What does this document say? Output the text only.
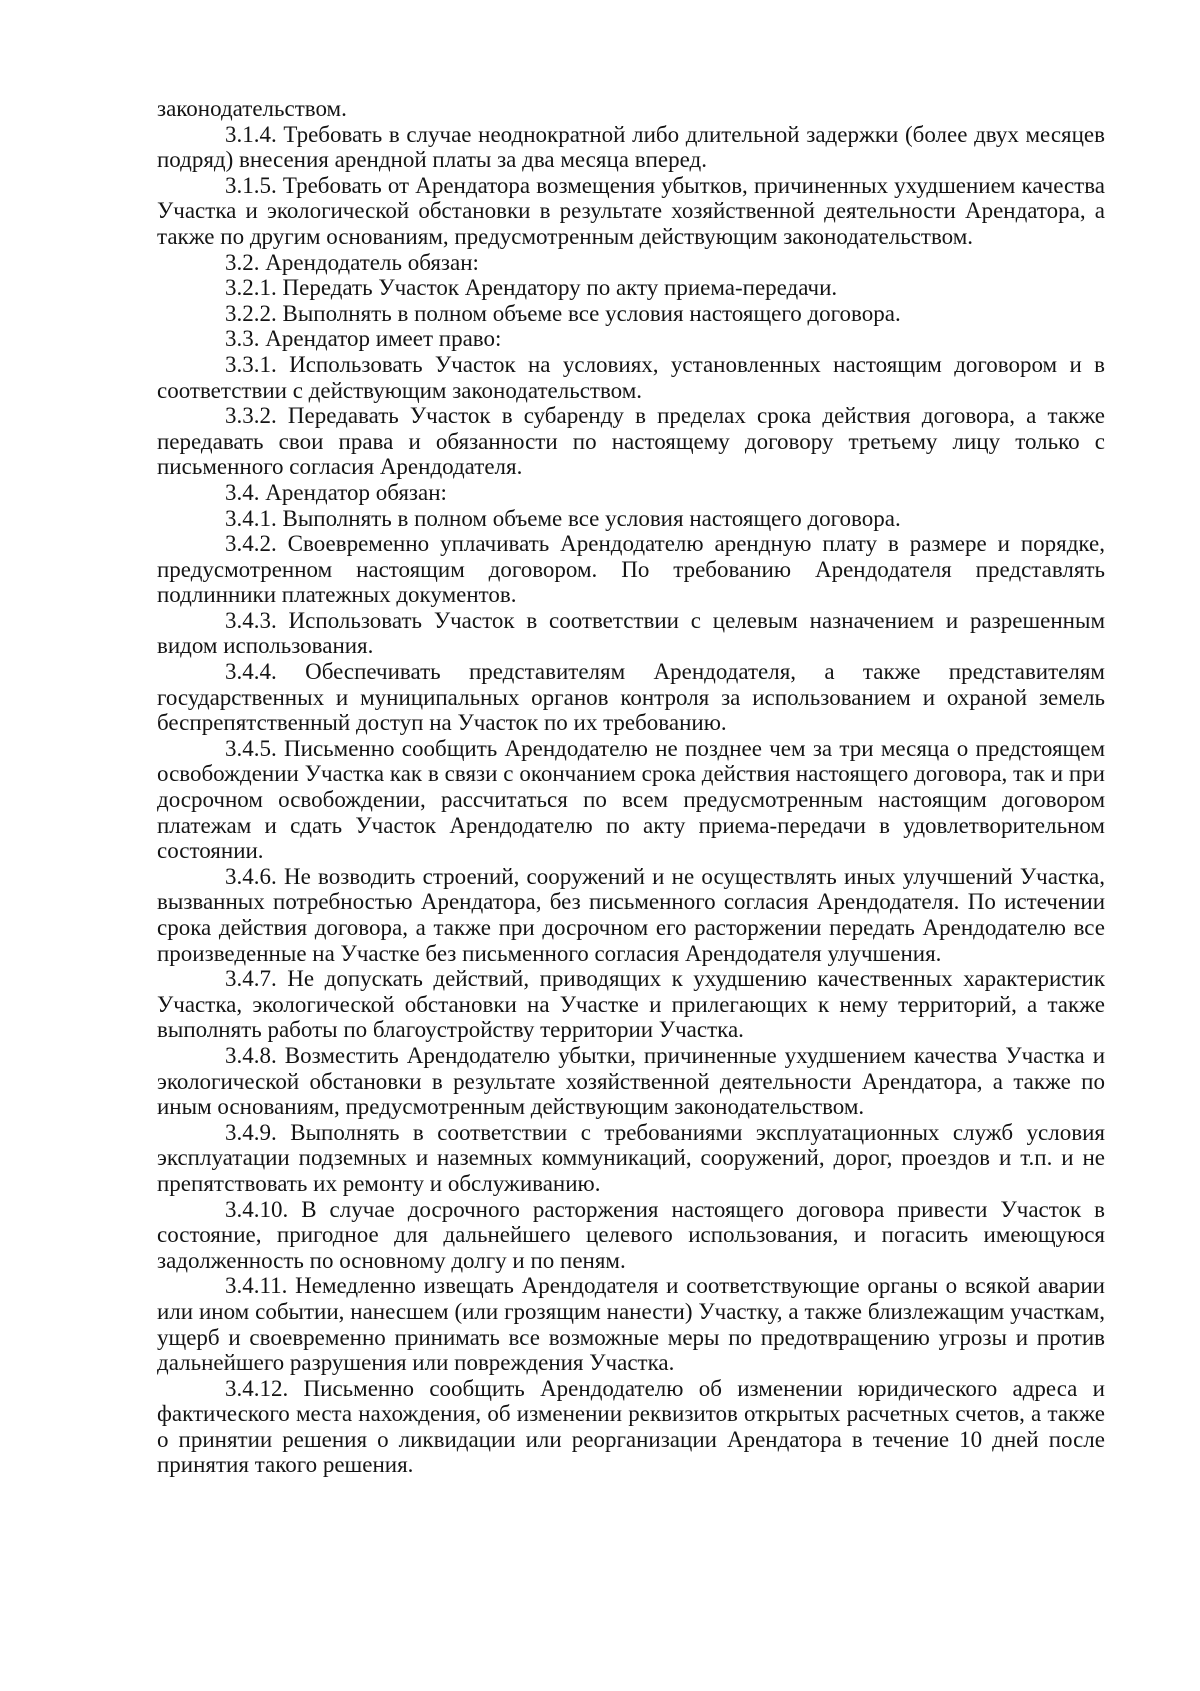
законодательством.

3.1.4. Требовать в случае неоднократной либо длительной задержки (более двух месяцев подряд) внесения арендной платы за два месяца вперед.

3.1.5. Требовать от Арендатора возмещения убытков, причиненных ухудшением качества Участка и экологической обстановки в результате хозяйственной деятельности Арендатора, а также по другим основаниям, предусмотренным действующим законодательством.

3.2. Арендодатель обязан:

3.2.1. Передать Участок Арендатору по акту приема-передачи.

3.2.2. Выполнять в полном объеме все условия настоящего договора.

3.3. Арендатор имеет право:

3.3.1. Использовать Участок на условиях, установленных настоящим договором и в соответствии с действующим законодательством.

3.3.2. Передавать Участок в субаренду в пределах срока действия договора, а также передавать свои права и обязанности по настоящему договору третьему лицу только с письменного согласия Арендодателя.

3.4. Арендатор обязан:

3.4.1. Выполнять в полном объеме все условия настоящего договора.

3.4.2. Своевременно уплачивать Арендодателю арендную плату в размере и порядке, предусмотренном настоящим договором. По требованию Арендодателя представлять подлинники платежных документов.

3.4.3. Использовать Участок в соответствии с целевым назначением и разрешенным видом использования.

3.4.4. Обеспечивать представителям Арендодателя, а также представителям государственных и муниципальных органов контроля за использованием и охраной земель беспрепятственный доступ на Участок по их требованию.

3.4.5. Письменно сообщить Арендодателю не позднее чем за три месяца о предстоящем освобождении Участка как в связи с окончанием срока действия настоящего договора, так и при досрочном освобождении, рассчитаться по всем предусмотренным настоящим договором платежам и сдать Участок Арендодателю по акту приема-передачи в удовлетворительном состоянии.

3.4.6. Не возводить строений, сооружений и не осуществлять иных улучшений Участка, вызванных потребностью Арендатора, без письменного согласия Арендодателя. По истечении срока действия договора, а также при досрочном его расторжении передать Арендодателю все произведенные на Участке без письменного согласия Арендодателя улучшения.

3.4.7. Не допускать действий, приводящих к ухудшению качественных характеристик Участка, экологической обстановки на Участке и прилегающих к нему территорий, а также выполнять работы по благоустройству территории Участка.

3.4.8. Возместить Арендодателю убытки, причиненные ухудшением качества Участка и экологической обстановки в результате хозяйственной деятельности Арендатора, а также по иным основаниям, предусмотренным действующим законодательством.

3.4.9. Выполнять в соответствии с требованиями эксплуатационных служб условия эксплуатации подземных и наземных коммуникаций, сооружений, дорог, проездов и т.п. и не препятствовать их ремонту и обслуживанию.

3.4.10. В случае досрочного расторжения настоящего договора привести Участок в состояние, пригодное для дальнейшего целевого использования, и погасить имеющуюся задолженность по основному долгу и по пеням.

3.4.11. Немедленно извещать Арендодателя и соответствующие органы о всякой аварии или ином событии, нанесшем (или грозящим нанести) Участку, а также близлежащим участкам, ущерб и своевременно принимать все возможные меры по предотвращению угрозы и против дальнейшего разрушения или повреждения Участка.

3.4.12. Письменно сообщить Арендодателю об изменении юридического адреса и фактического места нахождения, об изменении реквизитов открытых расчетных счетов, а также о принятии решения о ликвидации или реорганизации Арендатора в течение 10 дней после принятия такого решения.
